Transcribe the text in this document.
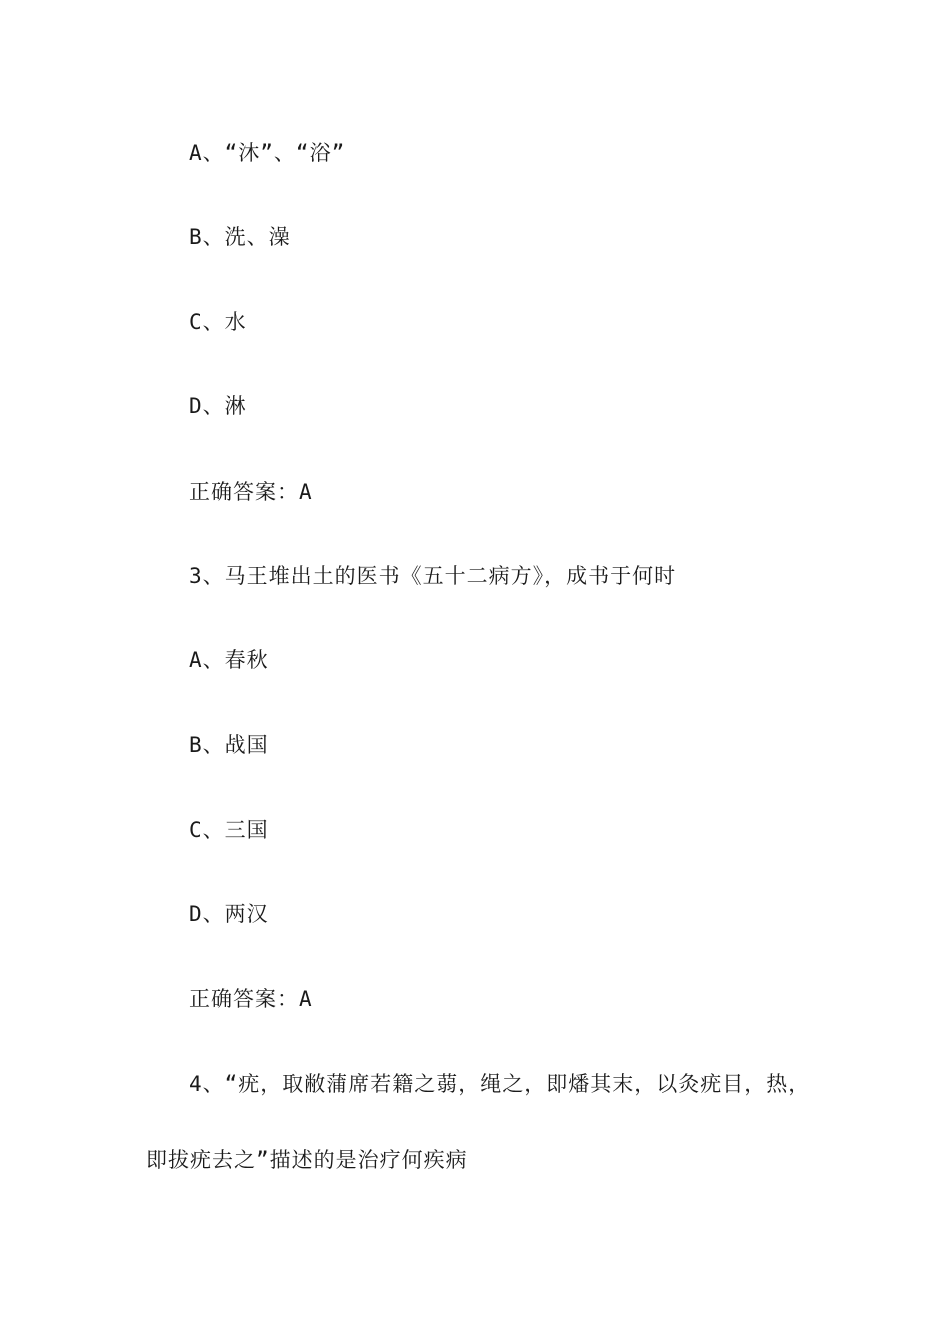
A、“沐”、“浴”
B、洗、澡
C、水
D、淋
正确答案：A
3、马王堆出土的医书《五十二病方》，成书于何时
A、春秋
B、战国
C、三国
D、两汉
正确答案：A
4、“疣，取敝蒲席若籍之蒻，绳之，即燔其末，以灸疣目，热，
即拔疣去之”描述的是治疗何疾病
